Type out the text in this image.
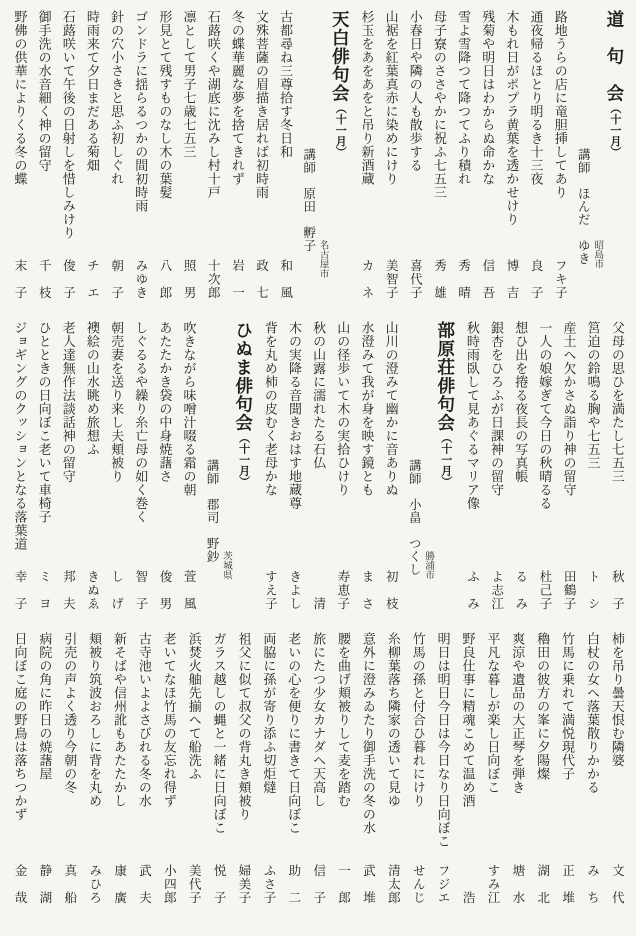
道　句　会（十一月）
昭島市
講師　ほんだ　ゆき
路地うらの店に竜胆挿してあり
フキ子
通夜帰るほとり明るき十三夜
良　子
木もれ日がポプラ黄葉を透かせけり
博　吉
残菊や明日はわからぬ命かな
信　吾
雪よ雪降つて降つてふり積れ
秀　晴
母子寮のささやかに祝ふ七五三
秀　雄
小春日や隣の人も散歩する
喜代子
山裾を紅葉真赤に染めにけり
美智子
杉玉をあをあをと吊り新酒蔵
カ　ネ
天白俳句会（十一月）
名古屋市
講師　原田　孵子
古都尋ね三尊拾す冬日和
和　風
文殊菩薩の眉描き居れば初時雨
政　七
冬の蝶華麗な夢を捨てきれず
岩　一
石蕗咲くや湖底に沈みし村十戸
十次郎
凛として男子七歳七五三
照　男
形見とて残すものなし木の葉髪
八　郎
ゴンドラに揺らるつかの間初時雨
みゆき
針の穴小さきと思ふ初しぐれ
朝　子
時雨来て夕日まだある菊畑
チ　エ
石蕗咲いて午後の日射しを惜しみけり
俊　子
御手洗の水音細く神の留守
千　枝
野佛の供華によりくる冬の蝶
末　子
父母の思ひを満たし七五三
秋　子
筥迫の鈴鳴る胸や七五三
ト　シ
産土へ欠かさぬ詣り神の留守
田鶴子
一人の娘嫁ぎて今日の秋晴るる
杜己子
想ひ出を捲る夜長の写真帳
る　み
銀杏をひろふが日課神の留守
よ志江
秋時雨臥して見あぐるマリア像
ふ　み
部原荘俳句会（十一月）
勝浦市
講師　小畠　つくし
山川の澄みて幽かに音ありぬ
初　枝
水澄みて我が身を映す鏡とも
ま　さ
山の径歩いて木の実拾ひけり
寿恵子
秋の山露に濡れたる石仏
清
木の実降る音聞きおはす地蔵尊
きよし
背を丸め柿の皮むく老母かな
すえ子
ひぬま俳句会（十一月）
茨城県
講師　郡司　野鈔
吹きながら味噌汁啜る霜の朝
萱　風
あたたかき袋の中身焼藷さ
俊　男
しぐるるや繰り糸亡母の如く巻く
智　子
朝売妻を送り来し夫頬被り
し　げ
襖絵の山水眺め旅想ふ
きぬゑ
老人達無作法談話神の留守
邦　夫
ひとときの日向ぼこ老いて車椅子
ミ　ヨ
ジョギングのクッションとなる落葉道
幸　子
柿を吊り曇天恨む隣婆
文　代
白杖の女へ落葉散りかかる
み　ち
竹馬に乗れて満悦現代子
正　堆
穭田の彼方の峯に夕陽燦
湖　北
爽涼や遺品の大正琴を弾き
塘　水
平凡な暮しが楽し日向ぼこ
すみ江
野良仕事に精魂こめて温め酒
浩
明日は明日今日は今日なり日向ぼこ
フジエ
竹馬の孫と付合ひ暮れにけり
せんじ
糸柳葉落ち隣家の透いて見ゆ
清太郎
意外に澄みゐたり御手洗の冬の水
武　堆
腰を曲げ頬被りして麦を踏む
一　郎
旅にたつ少女カナダへ天高し
信　子
老いの心を便りに書きて日向ぼこ
助　二
両脇に孫が寄り添ふ切炬燵
ふさ子
祖父に似て叔父の背丸き頬被り
婦美子
ガラス越しの蝿と一緒に日向ぼこ
悦　子
浜焚火舳先揃へて船洗ふ
美代子
老いてなほ竹馬の友忘れ得ず
小四郎
古寺池いよよさびれる冬の水
武　夫
新そばや信州訛もあたたかし
康　廣
頬被り筑波おろしに背を丸め
みひろ
引売の声よく透り今朝の冬
真　船
病院の角に昨日の焼藷屋
静　湖
日向ぼこ庭の野鳥は落ちつかず
金　哉
